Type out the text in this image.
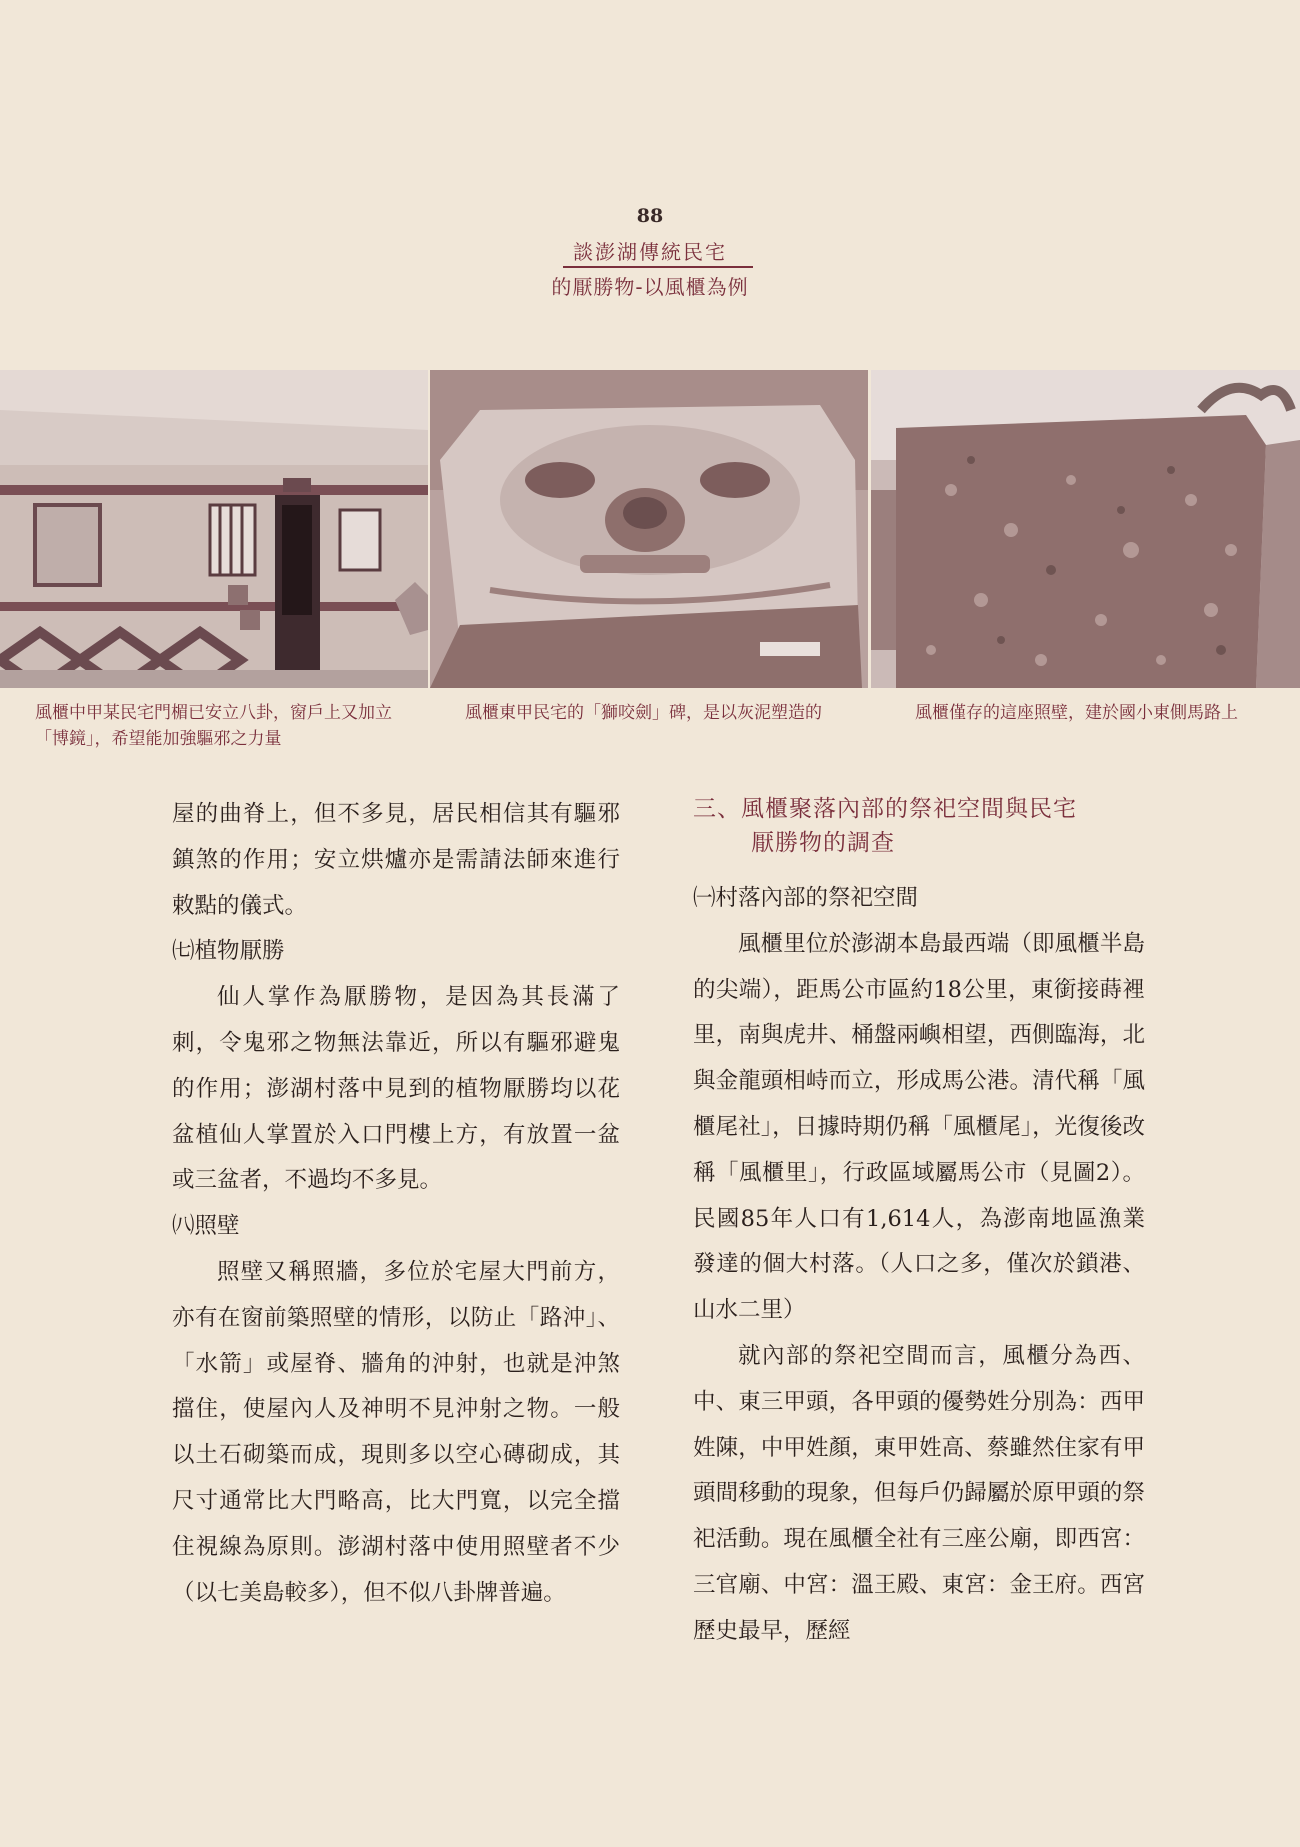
88
談澎湖傳統民宅
的厭勝物-以風櫃為例
風櫃中甲某民宅門楣已安立八卦，窗戶上又加立「博鏡」，希望能加強驅邪之力量
風櫃東甲民宅的「獅咬劍」碑，是以灰泥塑造的	風櫃僅存的這座照壁，建於國小東側馬路上

屋的曲脊上，但不多見，居民相信其有驅邪鎮煞的作用；安立烘爐亦是需請法師來進行敕點的儀式。

㈦植物厭勝

仙人掌作為厭勝物，是因為其長滿了刺，令鬼邪之物無法靠近，所以有驅邪避鬼的作用；澎湖村落中見到的植物厭勝均以花盆植仙人掌置於入口門樓上方，有放置一盆或三盆者，不過均不多見。

㈧照壁

照壁又稱照牆，多位於宅屋大門前方，亦有在窗前築照壁的情形，以防止「路沖」、「水箭」或屋脊、牆角的沖射，也就是沖煞擋住，使屋內人及神明不見沖射之物。一般以土石砌築而成，現則多以空心磚砌成，其尺寸通常比大門略高，比大門寬，以完全擋住視線為原則。澎湖村落中使用照壁者不少（以七美島較多），但不似八卦牌普遍。

三、風櫃聚落內部的祭祀空間與民宅
厭勝物的調查

㈠村落內部的祭祀空間

風櫃里位於澎湖本島最西端（即風櫃半島的尖端），距馬公市區約18公里，東銜接蒔裡里，南與虎井、桶盤兩嶼相望，西側臨海，北與金龍頭相峙而立，形成馬公港。清代稱「風櫃尾社」，日據時期仍稱「風櫃尾」，光復後改稱「風櫃里」，行政區域屬馬公市（見圖2）。民國85年人口有1,614人，為澎南地區漁業發達的個大村落。（人口之多，僅次於鎖港、山水二里）

就內部的祭祀空間而言，風櫃分為西、中、東三甲頭，各甲頭的優勢姓分別為：西甲姓陳，中甲姓顏，東甲姓高、蔡雖然住家有甲頭間移動的現象，但每戶仍歸屬於原甲頭的祭祀活動。現在風櫃全社有三座公廟，即西宮：三官廟、中宮：溫王殿、東宮：金王府。西宮歷史最早，歷經
